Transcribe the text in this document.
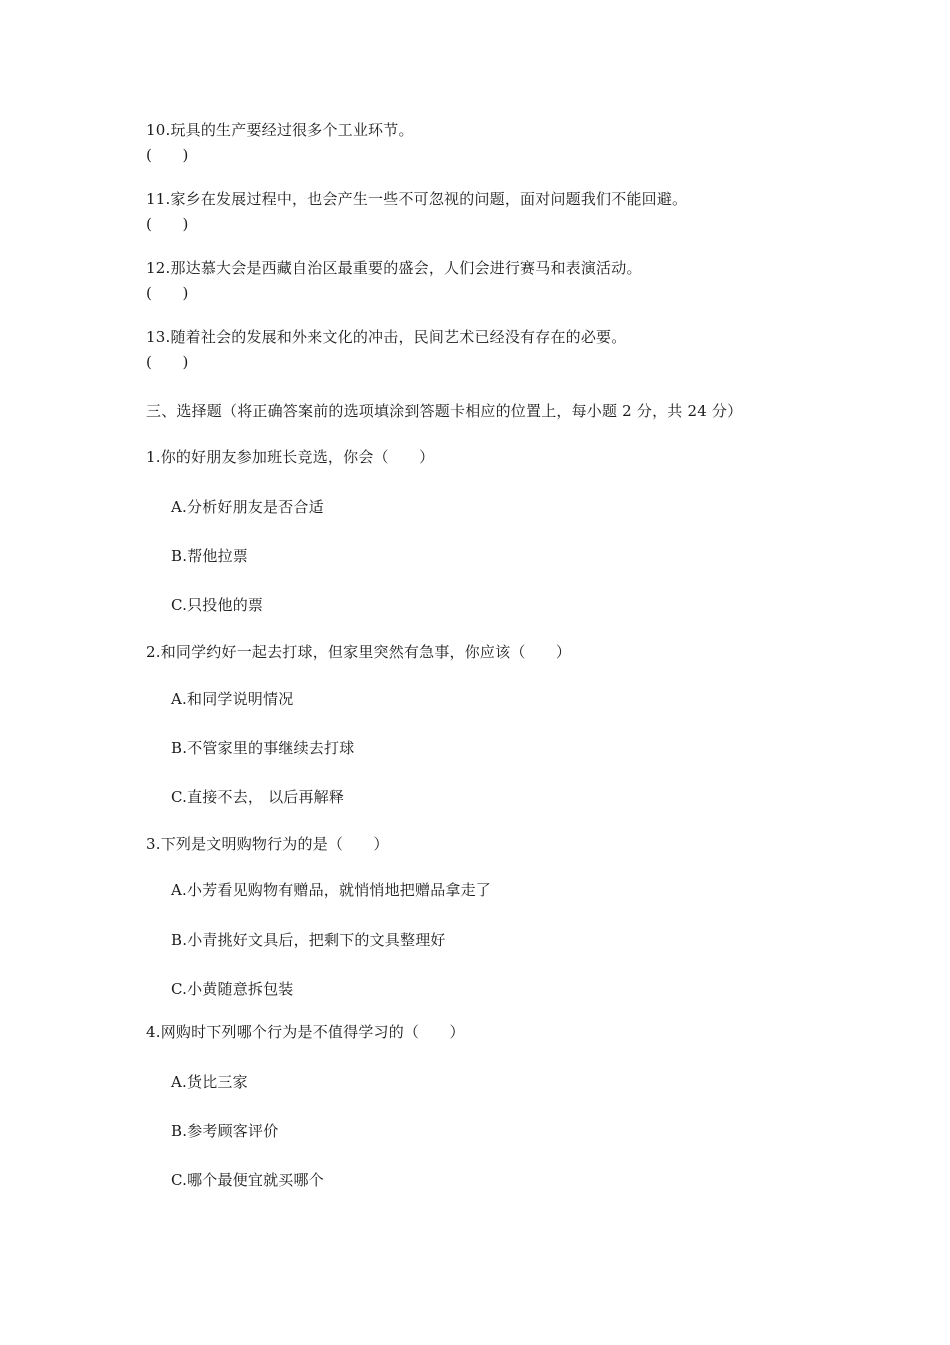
10.玩具的生产要经过很多个工业环节。
(　　)
11.家乡在发展过程中，也会产生一些不可忽视的问题，面对问题我们不能回避。
(　　)
12.那达慕大会是西藏自治区最重要的盛会，人们会进行赛马和表演活动。
(　　)
13.随着社会的发展和外来文化的冲击，民间艺术已经没有存在的必要。
(　　)
三、选择题（将正确答案前的选项填涂到答题卡相应的位置上，每小题 2 分，共 24 分）
1.你的好朋友参加班长竞选，你会（　　）
A.分析好朋友是否合适
B.帮他拉票
C.只投他的票
2.和同学约好一起去打球，但家里突然有急事，你应该（　　）
A.和同学说明情况
B.不管家里的事继续去打球
C.直接不去， 以后再解释
3.下列是文明购物行为的是（　　）
A.小芳看见购物有赠品，就悄悄地把赠品拿走了
B.小青挑好文具后，把剩下的文具整理好
C.小黄随意拆包装
4.网购时下列哪个行为是不值得学习的（　　）
A.货比三家
B.参考顾客评价
C.哪个最便宜就买哪个
